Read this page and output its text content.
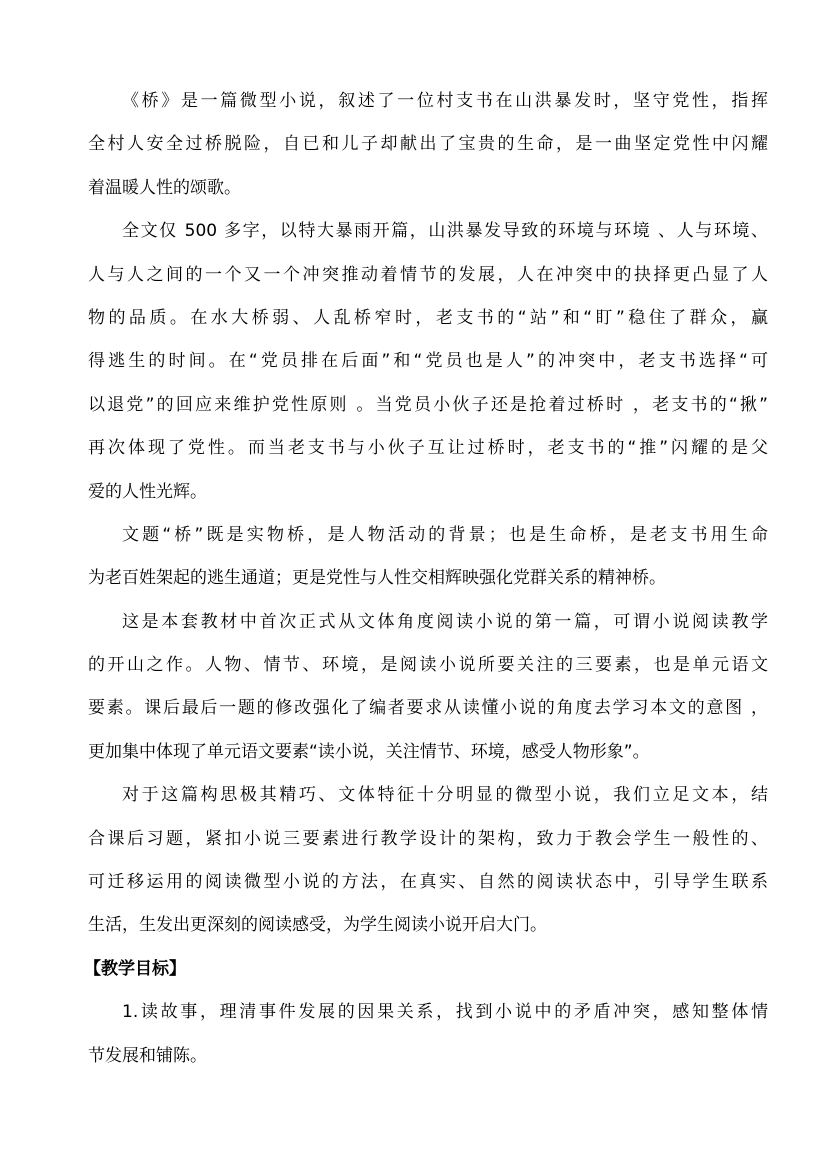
《桥》是一篇微型小说，叙述了一位村支书在山洪暴发时，坚守党性，指挥
全村人安全过桥脱险，自已和儿子却献出了宝贵的生命，是一曲坚定党性中闪耀
着温暖人性的颂歌。
全文仅 500 多字，以特大暴雨开篇，山洪暴发导致的环境与环境 、人与环境、
人与人之间的一个又一个冲突推动着情节的发展，人在冲突中的抉择更凸显了人
物的品质。在水大桥弱、人乱桥窄时，老支书的“站”和“盯”稳住了群众，赢
得逃生的时间。在“党员排在后面”和“党员也是人”的冲突中，老支书选择“可
以退党”的回应来维护党性原则 。当党员小伙子还是抢着过桥时 ，老支书的“揪”
再次体现了党性。而当老支书与小伙子互让过桥时，老支书的“推”闪耀的是父
爱的人性光辉。
文题“桥”既是实物桥，是人物活动的背景；也是生命桥，是老支书用生命
为老百姓架起的逃生通道；更是党性与人性交相辉映强化党群关系的精神桥。
这是本套教材中首次正式从文体角度阅读小说的第一篇，可谓小说阅读教学
的开山之作。人物、情节、环境，是阅读小说所要关注的三要素，也是单元语文
要素。课后最后一题的修改强化了编者要求从读懂小说的角度去学习本文的意图 ，
更加集中体现了单元语文要素“读小说，关注情节、环境，感受人物形象”。
对于这篇构思极其精巧、文体特征十分明显的微型小说，我们立足文本，结
合课后习题，紧扣小说三要素进行教学设计的架构，致力于教会学生一般性的、
可迁移运用的阅读微型小说的方法，在真实、自然的阅读状态中，引导学生联系
生活，生发出更深刻的阅读感受，为学生阅读小说开启大门。
【教学目标】
1.读故事，理清事件发展的因果关系，找到小说中的矛盾冲突，感知整体情
节发展和铺陈。
